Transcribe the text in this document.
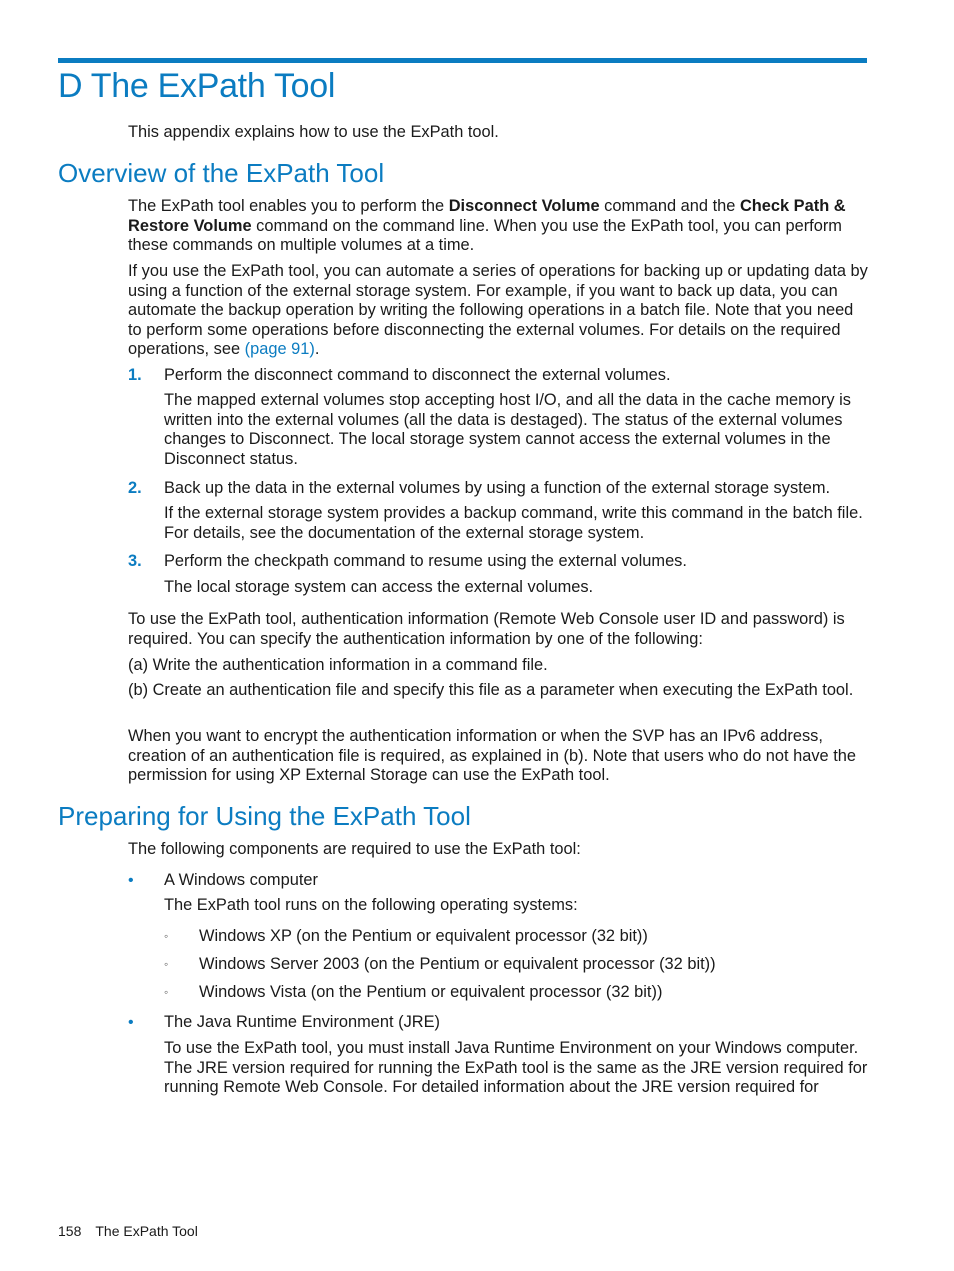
D The ExPath Tool

This appendix explains how to use the ExPath tool.

Overview of the ExPath Tool

The ExPath tool enables you to perform the Disconnect Volume command and the Check Path & Restore Volume command on the command line. When you use the ExPath tool, you can perform these commands on multiple volumes at a time.

If you use the ExPath tool, you can automate a series of operations for backing up or updating data by using a function of the external storage system. For example, if you want to back up data, you can automate the backup operation by writing the following operations in a batch file. Note that you need to perform some operations before disconnecting the external volumes. For details on the required operations, see (page 91).

1. Perform the disconnect command to disconnect the external volumes.

The mapped external volumes stop accepting host I/O, and all the data in the cache memory is written into the external volumes (all the data is destaged). The status of the external volumes changes to Disconnect. The local storage system cannot access the external volumes in the Disconnect status.

2. Back up the data in the external volumes by using a function of the external storage system.

If the external storage system provides a backup command, write this command in the batch file. For details, see the documentation of the external storage system.

3. Perform the checkpath command to resume using the external volumes.

The local storage system can access the external volumes.

To use the ExPath tool, authentication information (Remote Web Console user ID and password) is required. You can specify the authentication information by one of the following:

(a) Write the authentication information in a command file.

(b) Create an authentication file and specify this file as a parameter when executing the ExPath tool.

When you want to encrypt the authentication information or when the SVP has an IPv6 address, creation of an authentication file is required, as explained in (b). Note that users who do not have the permission for using XP External Storage can use the ExPath tool.

Preparing for Using the ExPath Tool

The following components are required to use the ExPath tool:

• A Windows computer

The ExPath tool runs on the following operating systems:

◦ Windows XP (on the Pentium or equivalent processor (32 bit))

◦ Windows Server 2003 (on the Pentium or equivalent processor (32 bit))

◦ Windows Vista (on the Pentium or equivalent processor (32 bit))

• The Java Runtime Environment (JRE)

To use the ExPath tool, you must install Java Runtime Environment on your Windows computer. The JRE version required for running the ExPath tool is the same as the JRE version required for running Remote Web Console. For detailed information about the JRE version required for

158 The ExPath Tool
